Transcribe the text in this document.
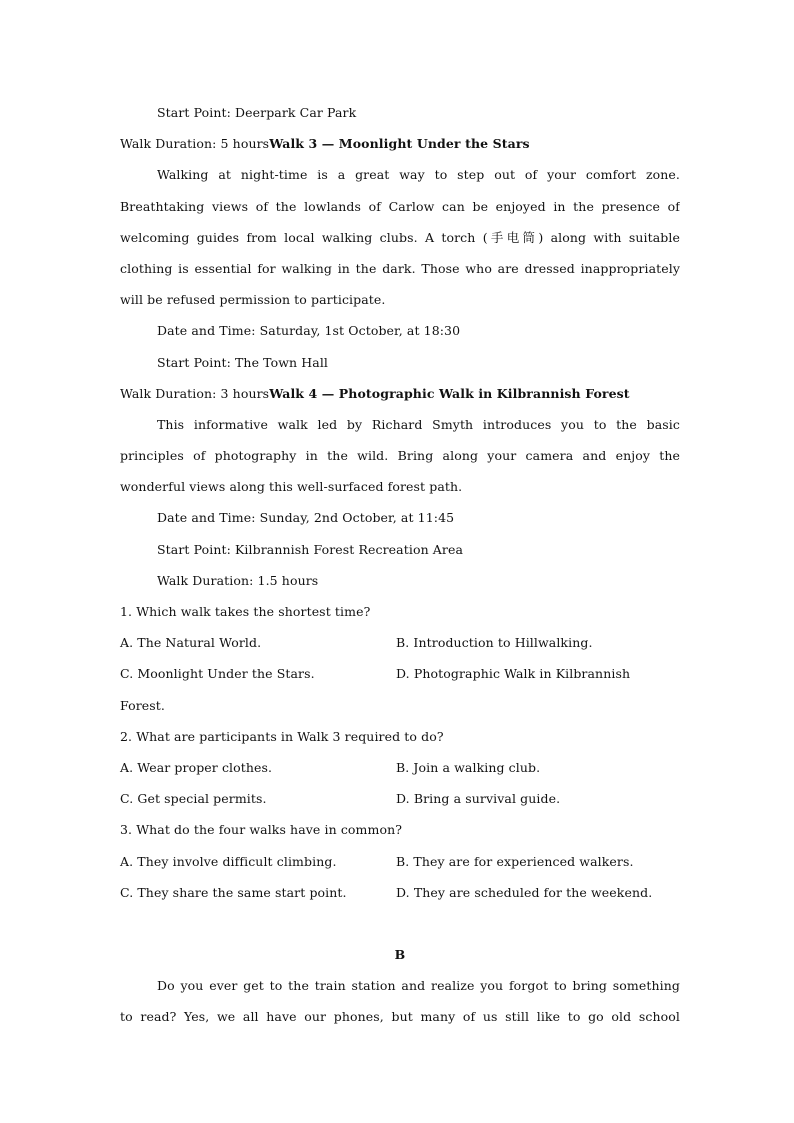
Start Point: Deerpark Car Park
Walk Duration: 5 hoursWalk 3 — Moonlight Under the Stars
Walking at night-time is a great way to step out of your comfort zone.
Breathtaking views of the lowlands of Carlow can be enjoyed in the presence of
welcoming guides from local walking clubs. A torch (手电筒) along with suitable
clothing is essential for walking in the dark. Those who are dressed inappropriately
will be refused permission to participate.
Date and Time: Saturday, 1st October, at 18:30
Start Point: The Town Hall
Walk Duration: 3 hoursWalk 4 — Photographic Walk in Kilbrannish Forest
This informative walk led by Richard Smyth introduces you to the basic
principles of photography in the wild. Bring along your camera and enjoy the
wonderful views along this well-surfaced forest path.
Date and Time: Sunday, 2nd October, at 11:45
Start Point: Kilbrannish Forest Recreation Area
Walk Duration: 1.5 hours
1. Which walk takes the shortest time?
A. The Natural World.	B. Introduction to Hillwalking.
C. Moonlight Under the Stars.	D. Photographic Walk in Kilbrannish
Forest.
2. What are participants in Walk 3 required to do?
A. Wear proper clothes.	B. Join a walking club.
C. Get special permits.	D. Bring a survival guide.
3. What do the four walks have in common?
A. They involve difficult climbing.	B. They are for experienced walkers.
C. They share the same start point.	D. They are scheduled for the weekend.
B
Do you ever get to the train station and realize you forgot to bring something
to read? Yes, we all have our phones, but many of us still like to go old school
